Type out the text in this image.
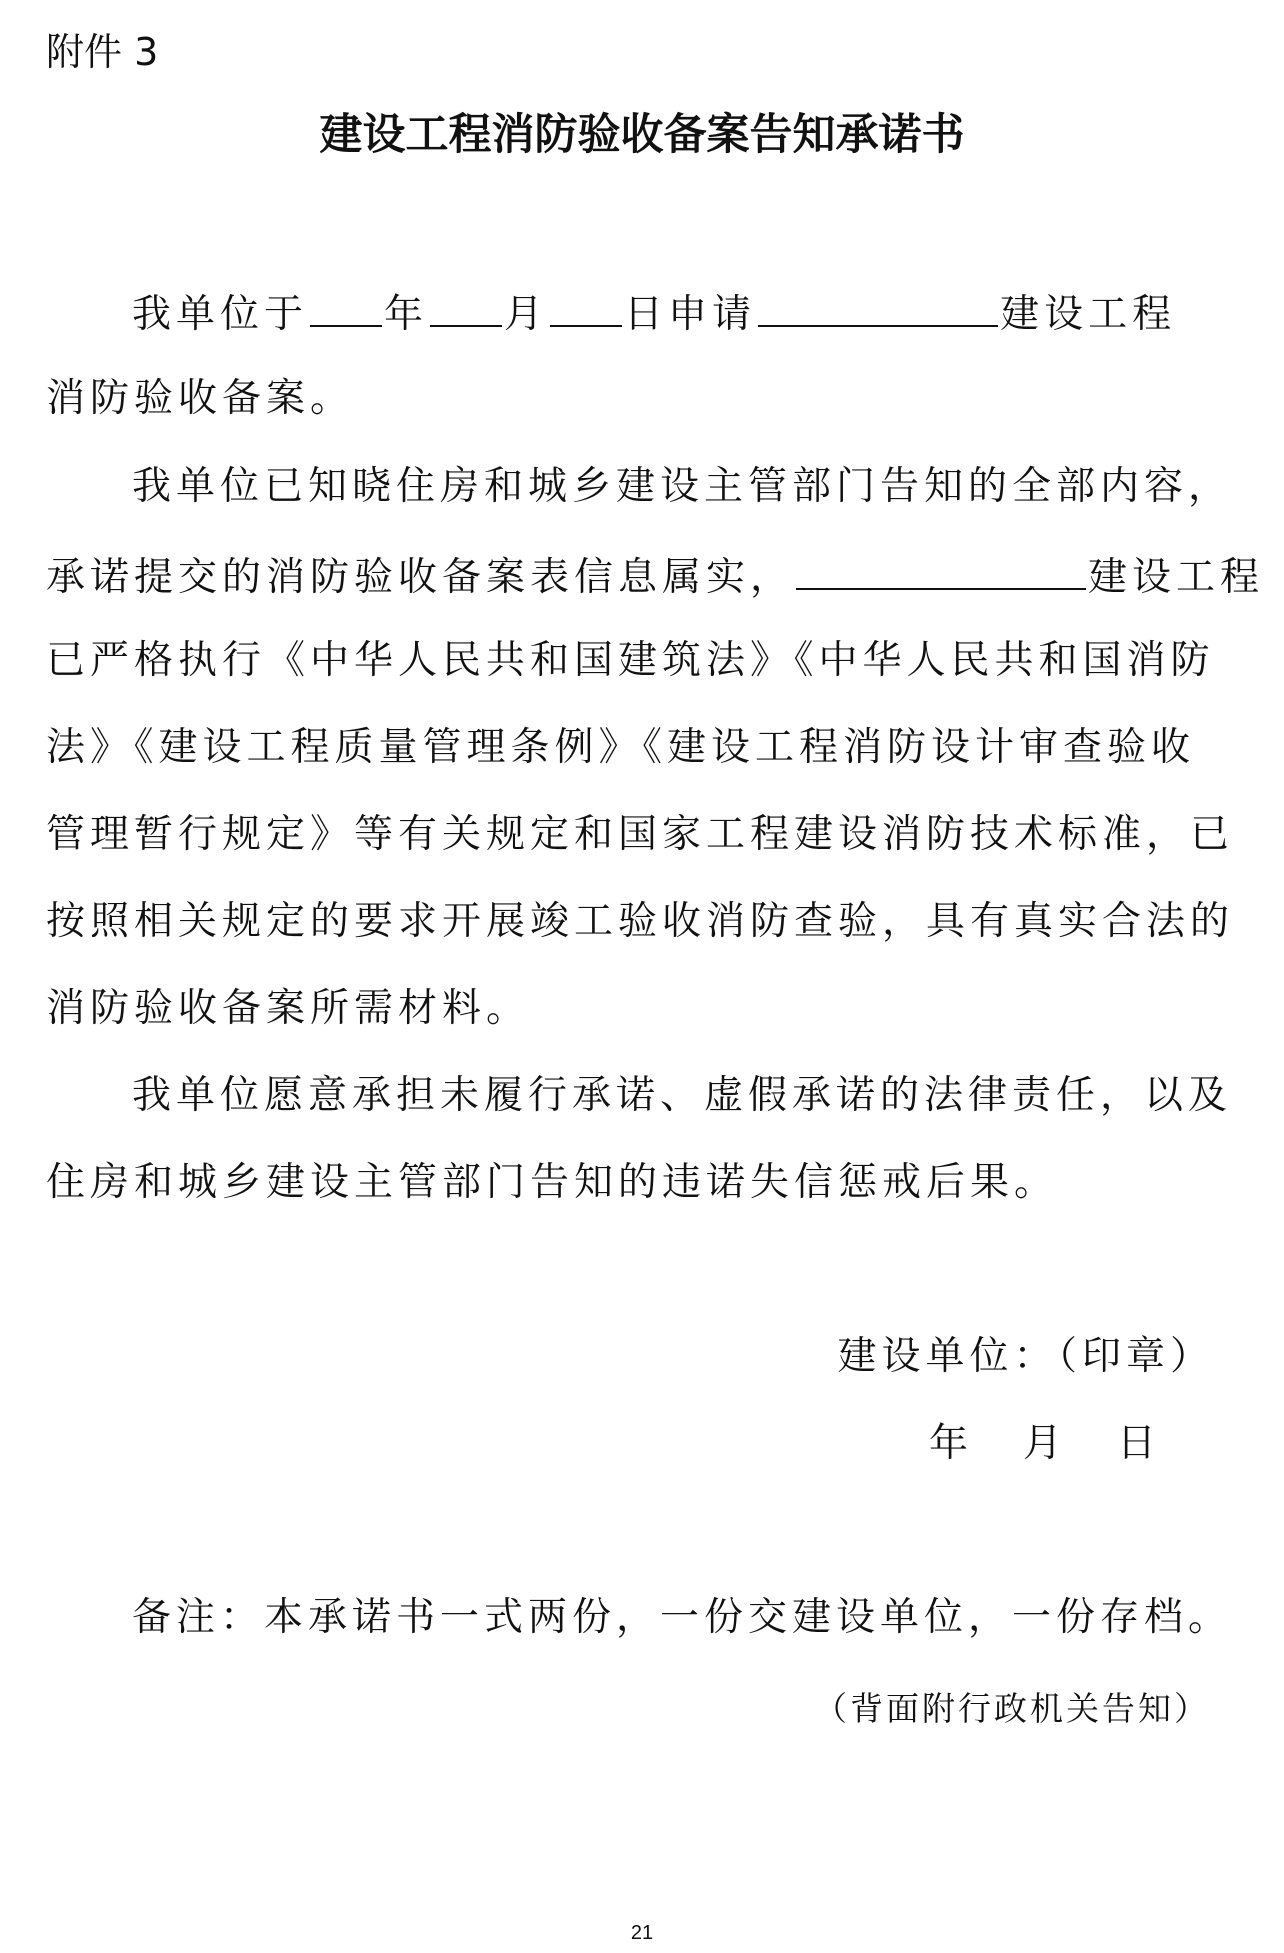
附件 3
建设工程消防验收备案告知承诺书
我单位于 年 月 日申请	建设工程
消防验收备案。
我单位已知晓住房和城乡建设主管部门告知的全部内容，
承诺提交的消防验收备案表信息属实，	建设工程
已严格执行《中华人民共和国建筑法》《中华人民共和国消防
法》《建设工程质量管理条例》《建设工程消防设计审查验收
管理暂行规定》等有关规定和国家工程建设消防技术标准，已
按照相关规定的要求开展竣工验收消防查验，具有真实合法的
消防验收备案所需材料。
我单位愿意承担未履行承诺、虚假承诺的法律责任，以及
住房和城乡建设主管部门告知的违诺失信惩戒后果。
建设单位：（印章）
年　月　日
备注：本承诺书一式两份，一份交建设单位，一份存档。
（背面附行政机关告知）
21
